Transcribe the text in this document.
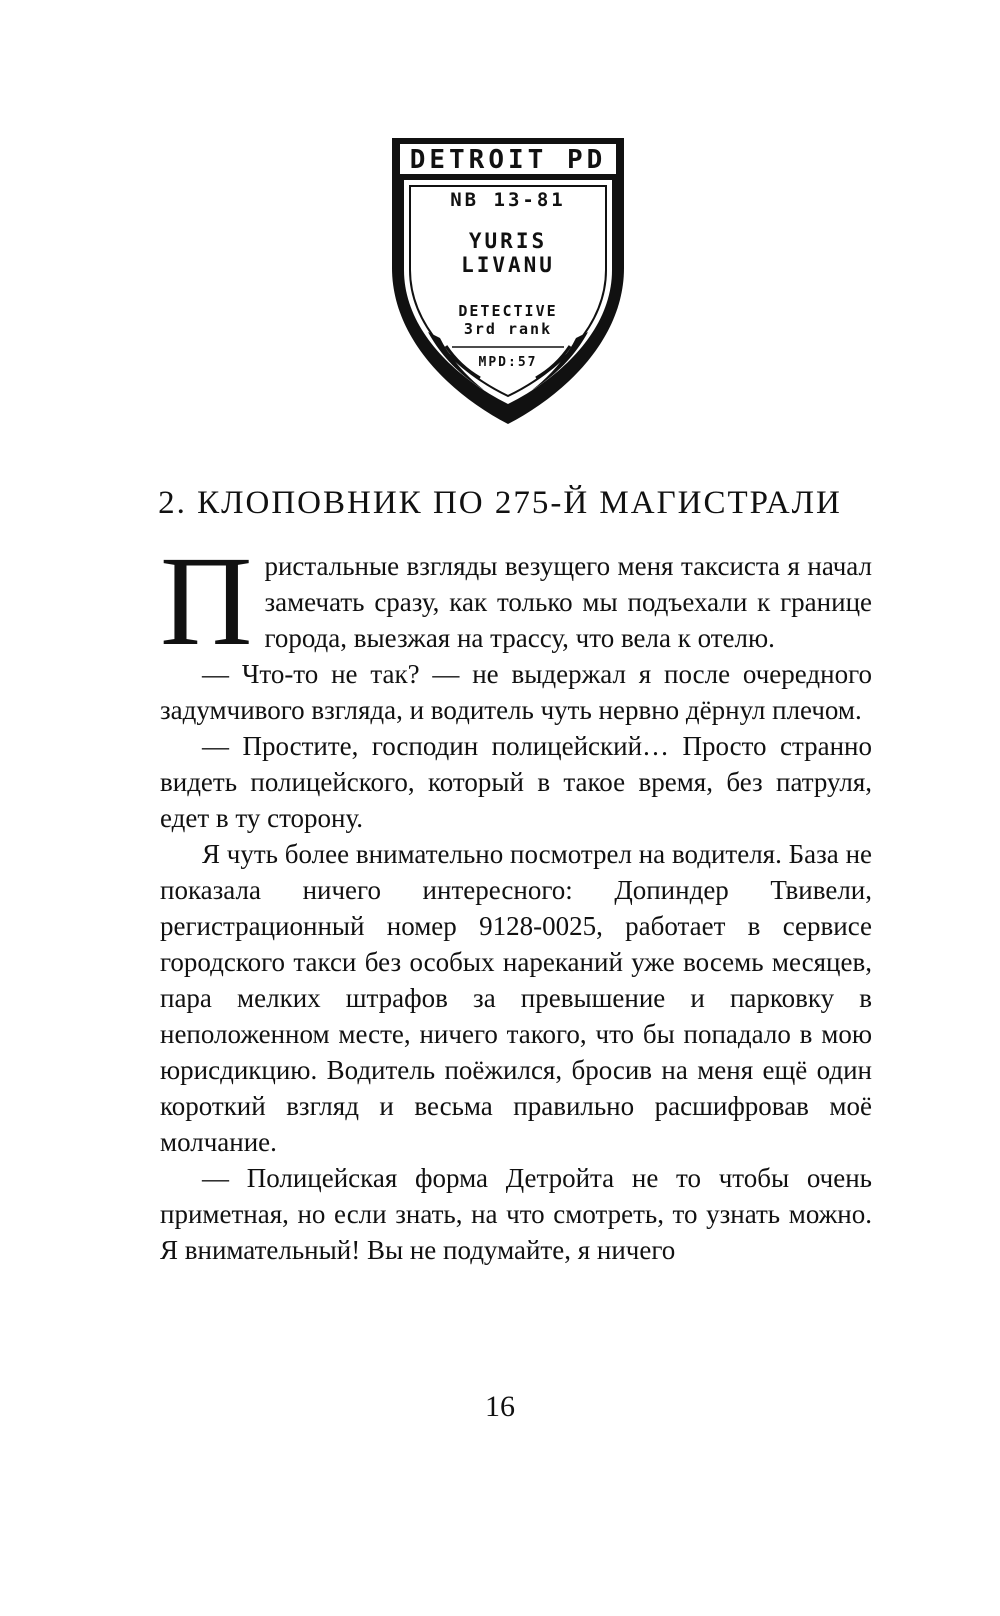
DETROIT PD
NB 13-81
YURIS
LIVANU
DETECTIVE
3rd rank
MPD:57
2. КЛОПОВНИК ПО 275-Й МАГИСТРАЛИ

Пристальные взгляды везущего меня таксиста я начал замечать сразу, как только мы подъехали к границе города, выезжая на трассу, что вела к отелю.

— Что-то не так? — не выдержал я после очередного задумчивого взгляда, и водитель чуть нервно дёрнул плечом.

— Простите, господин полицейский… Просто странно видеть полицейского, который в такое время, без патруля, едет в ту сторону.

Я чуть более внимательно посмотрел на водителя. База не показала ничего интересного: Допиндер Твивели, регистрационный номер 9128-0025, работает в сервисе городского такси без особых нареканий уже восемь месяцев, пара мелких штрафов за превышение и парковку в неположенном месте, ничего такого, что бы попадало в мою юрисдикцию. Водитель поёжился, бросив на меня ещё один короткий взгляд и весьма правильно расшифровав моё молчание.

— Полицейская форма Детройта не то чтобы очень приметная, но если знать, на что смотреть, то узнать можно. Я внимательный! Вы не подумайте, я ничего

16
